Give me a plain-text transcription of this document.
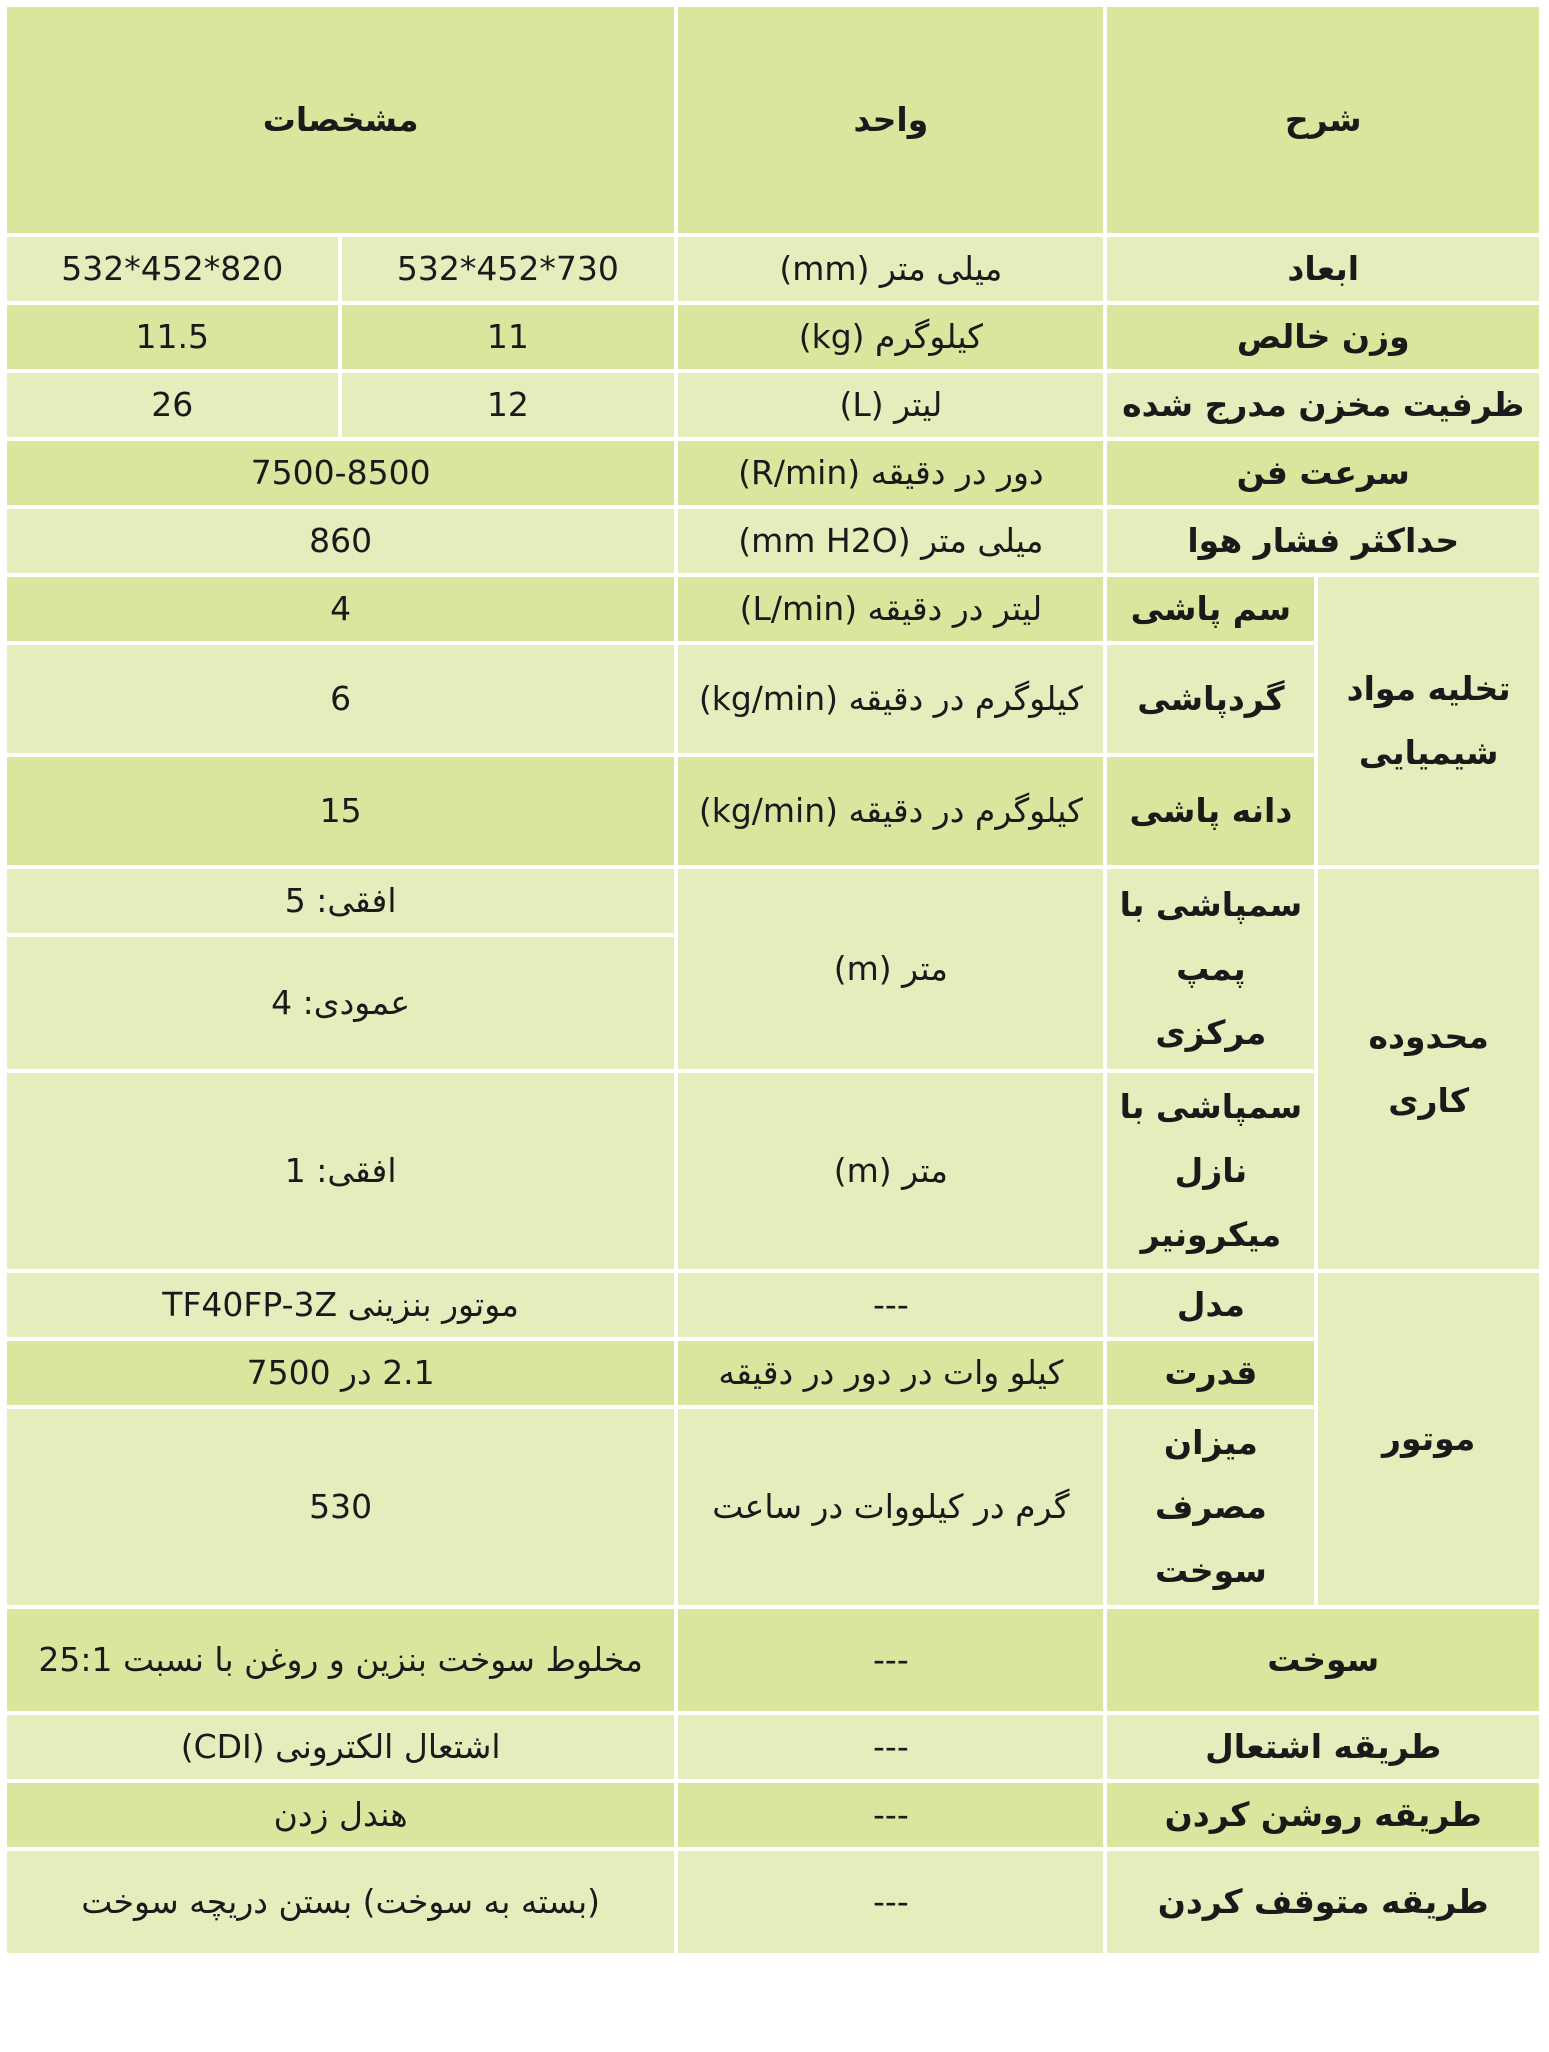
شرح		واحد	مشخصات	
ابعاد		میلی متر (mm)	532*452*730	532*452*820
وزن خالص		کیلوگرم (kg)	11	11.5
ظرفیت مخزن مدرج شده		لیتر (L)	12	26
سرعت فن		دور در دقیقه (R/min)	7500-8500	
حداکثر فشار هوا		میلی متر (mm H2O)	860	
تخلیه مواد شیمیایی	سم پاشی	لیتر در دقیقه (L/min)	4	
	گردپاشی	کیلوگرم در دقیقه (kg/min)	6	
	دانه پاشی	کیلوگرم در دقیقه (kg/min)	15	
محدوده کاری	سمپاشی با پمپ مرکزی	متر (m)	افقی: 5	
			عمودی: 4	
	سمپاشی با نازل میکرونیر	متر (m)	افقی: 1	
موتور	مدل	---	موتور بنزینی TF40FP-3Z	
	قدرت	کیلو وات در دور در دقیقه	2.1 در 7500	
	میزان مصرف سوخت	گرم در کیلووات در ساعت	530	
سوخت		---	مخلوط سوخت بنزین و روغن با نسبت 25:1	
طریقه اشتعال		---	اشتعال الکترونی (CDI)	
طریقه روشن کردن		---	هندل زدن	
طریقه متوقف کردن		---	(بسته به سوخت) بستن دریچه سوخت	
